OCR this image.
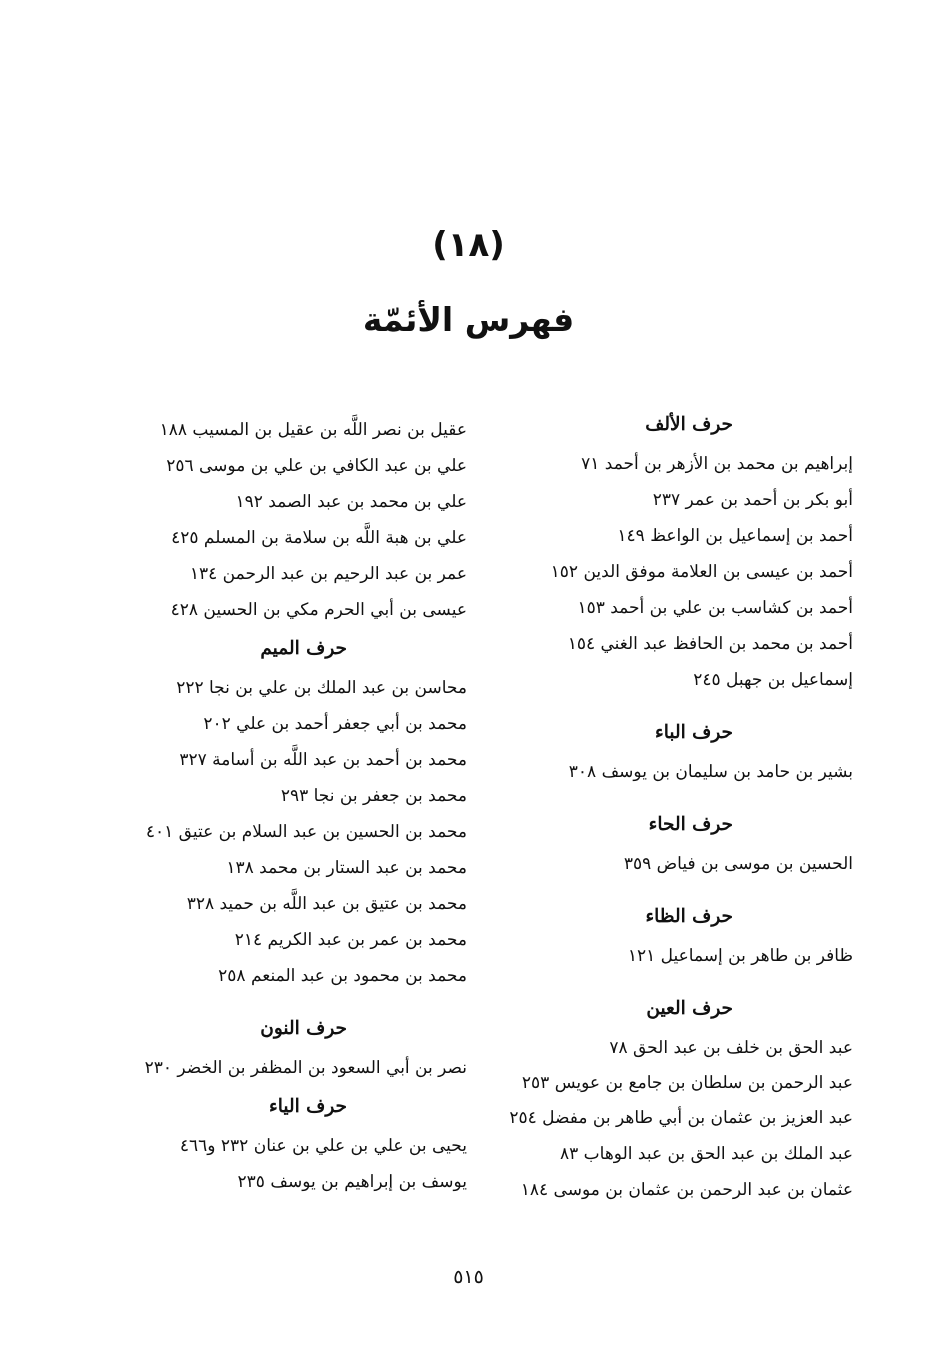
(١٨)
فهرس الأئمّة
حرف الألف
إبراهيم بن محمد بن الأزهر بن أحمد ٧١
أبو بكر بن أحمد بن عمر ٢٣٧
أحمد بن إسماعيل بن الواعظ ١٤٩
أحمد بن عيسى بن العلامة موفق الدين ١٥٢
أحمد بن كشاسب بن علي بن أحمد ١٥٣
أحمد بن محمد بن الحافظ عبد الغني ١٥٤
إسماعيل بن جهبل ٢٤٥
حرف الباء
بشير بن حامد بن سليمان بن يوسف ٣٠٨
حرف الحاء
الحسين بن موسى بن فياض ٣٥٩
حرف الظاء
ظافر بن طاهر بن إسماعيل ١٢١
حرف العين
عبد الحق بن خلف بن عبد الحق ٧٨
عبد الرحمن بن سلطان بن جامع بن عويس ٢٥٣
عبد العزيز بن عثمان بن أبي طاهر بن مفضل ٢٥٤
عبد الملك بن عبد الحق بن عبد الوهاب ٨٣
عثمان بن عبد الرحمن بن عثمان بن موسى ١٨٤
عقيل بن نصر اللَّه بن عقيل بن المسيب ١٨٨
علي بن عبد الكافي بن علي بن موسى ٢٥٦
علي بن محمد بن عبد الصمد ١٩٢
علي بن هبة اللَّه بن سلامة بن المسلم ٤٢٥
عمر بن عبد الرحيم بن عبد الرحمن ١٣٤
عيسى بن أبي الحرم مكي بن الحسين ٤٢٨
حرف الميم
محاسن بن عبد الملك بن علي بن نجا ٢٢٢
محمد بن أبي جعفر أحمد بن علي ٢٠٢
محمد بن أحمد بن عبد اللَّه بن أسامة ٣٢٧
محمد بن جعفر بن نجا ٢٩٣
محمد بن الحسين بن عبد السلام بن عتيق ٤٠١
محمد بن عبد الستار بن محمد ١٣٨
محمد بن عتيق بن عبد اللَّه بن حميد ٣٢٨
محمد بن عمر بن عبد الكريم ٢١٤
محمد بن محمود بن عبد المنعم ٢٥٨
حرف النون
نصر بن أبي السعود بن المظفر بن الخضر ٢٣٠
حرف الياء
يحيى بن علي بن علي بن عنان ٢٣٢ و٤٦٦
يوسف بن إبراهيم بن يوسف ٢٣٥
٥١٥
